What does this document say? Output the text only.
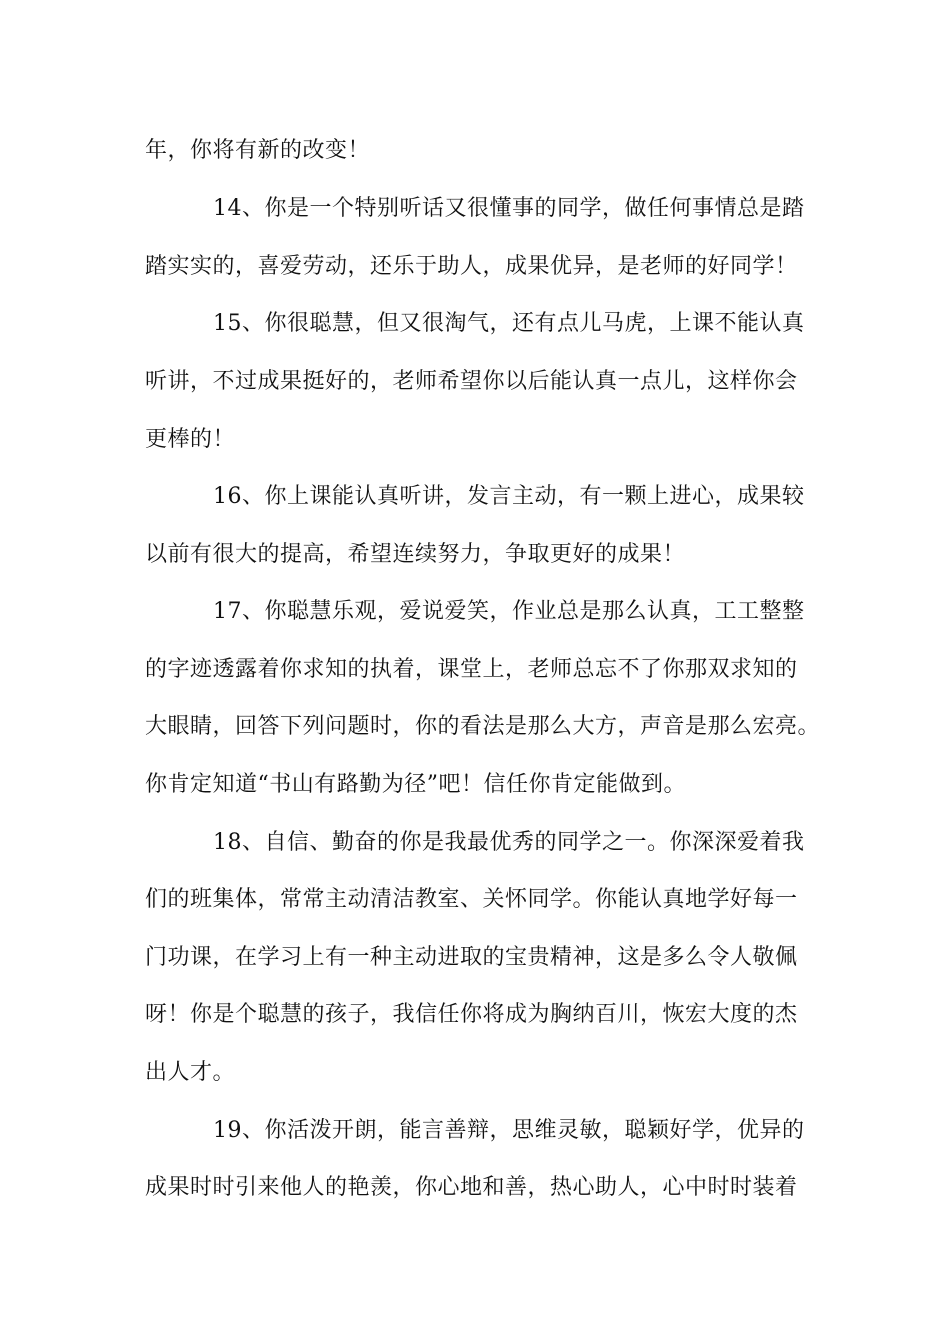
年，你将有新的改变！
14、你是一个特别听话又很懂事的同学，做任何事情总是踏
踏实实的，喜爱劳动，还乐于助人，成果优异，是老师的好同学！
15、你很聪慧，但又很淘气，还有点儿马虎，上课不能认真
听讲，不过成果挺好的，老师希望你以后能认真一点儿，这样你会
更棒的！
16、你上课能认真听讲，发言主动，有一颗上进心，成果较
以前有很大的提高，希望连续努力，争取更好的成果！
17、你聪慧乐观，爱说爱笑，作业总是那么认真，工工整整
的字迹透露着你求知的执着，课堂上，老师总忘不了你那双求知的
大眼睛，回答下列问题时，你的看法是那么大方，声音是那么宏亮。
你肯定知道“书山有路勤为径”吧！信任你肯定能做到。
18、自信、勤奋的你是我最优秀的同学之一。你深深爱着我
们的班集体，常常主动清洁教室、关怀同学。你能认真地学好每一
门功课，在学习上有一种主动进取的宝贵精神，这是多么令人敬佩
呀！你是个聪慧的孩子，我信任你将成为胸纳百川，恢宏大度的杰
出人才。
19、你活泼开朗，能言善辩，思维灵敏，聪颖好学，优异的
成果时时引来他人的艳羡，你心地和善，热心助人，心中时时装着
